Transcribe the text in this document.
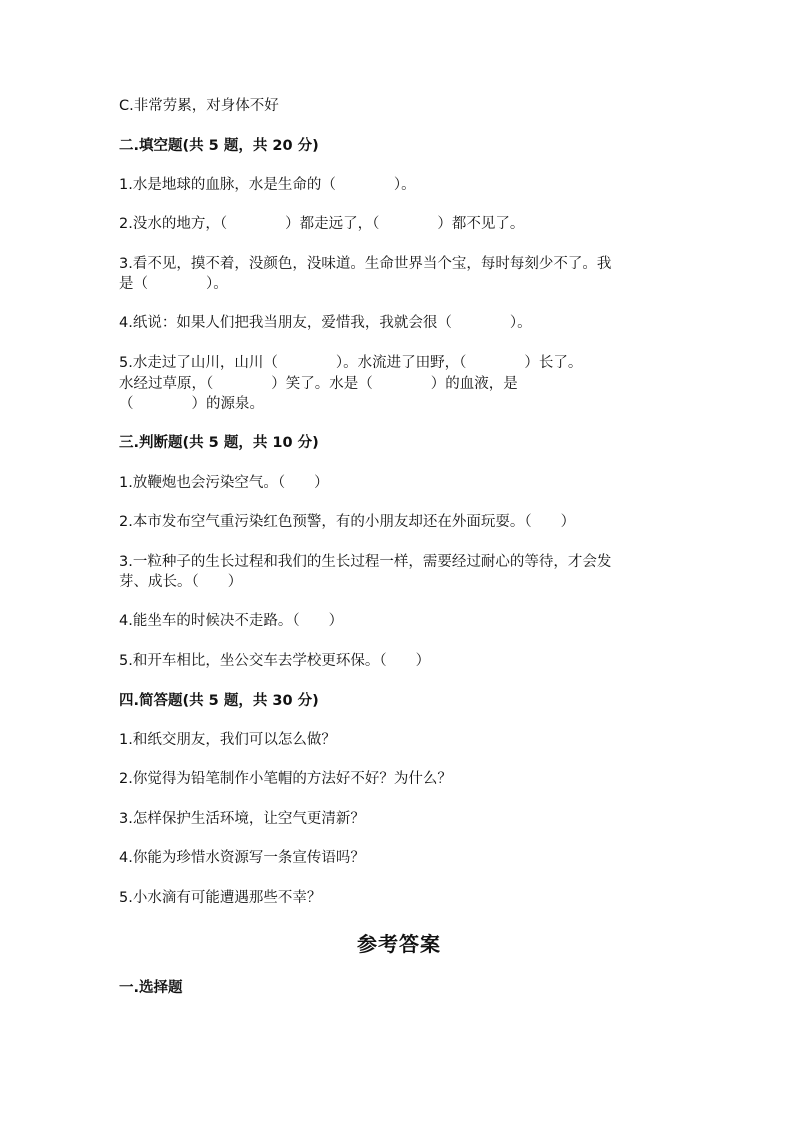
C.非常劳累，对身体不好
二.填空题(共 5 题，共 20 分)
1.水是地球的血脉，水是生命的（　　　　）。
2.没水的地方，（　　　　）都走远了，（　　　　）都不见了。
3.看不见，摸不着，没颜色，没味道。生命世界当个宝，每时每刻少不了。我
是（　　　　）。
4.纸说：如果人们把我当朋友，爱惜我，我就会很（　　　　）。
5.水走过了山川，山川（　　　　）。水流进了田野，（　　　　）长了。
水经过草原，（　　　　）笑了。水是（　　　　）的血液，是
（　　　　）的源泉。
三.判断题(共 5 题，共 10 分)
1.放鞭炮也会污染空气。（　　）
2.本市发布空气重污染红色预警，有的小朋友却还在外面玩耍。（　　）
3.一粒种子的生长过程和我们的生长过程一样，需要经过耐心的等待，才会发
芽、成长。（　　）
4.能坐车的时候决不走路。（　　）
5.和开车相比，坐公交车去学校更环保。（　　）
四.简答题(共 5 题，共 30 分)
1.和纸交朋友，我们可以怎么做？
2.你觉得为铅笔制作小笔帽的方法好不好？为什么？
3.怎样保护生活环境，让空气更清新？
4.你能为珍惜水资源写一条宣传语吗？
5.小水滴有可能遭遇那些不幸？
参考答案
一.选择题
